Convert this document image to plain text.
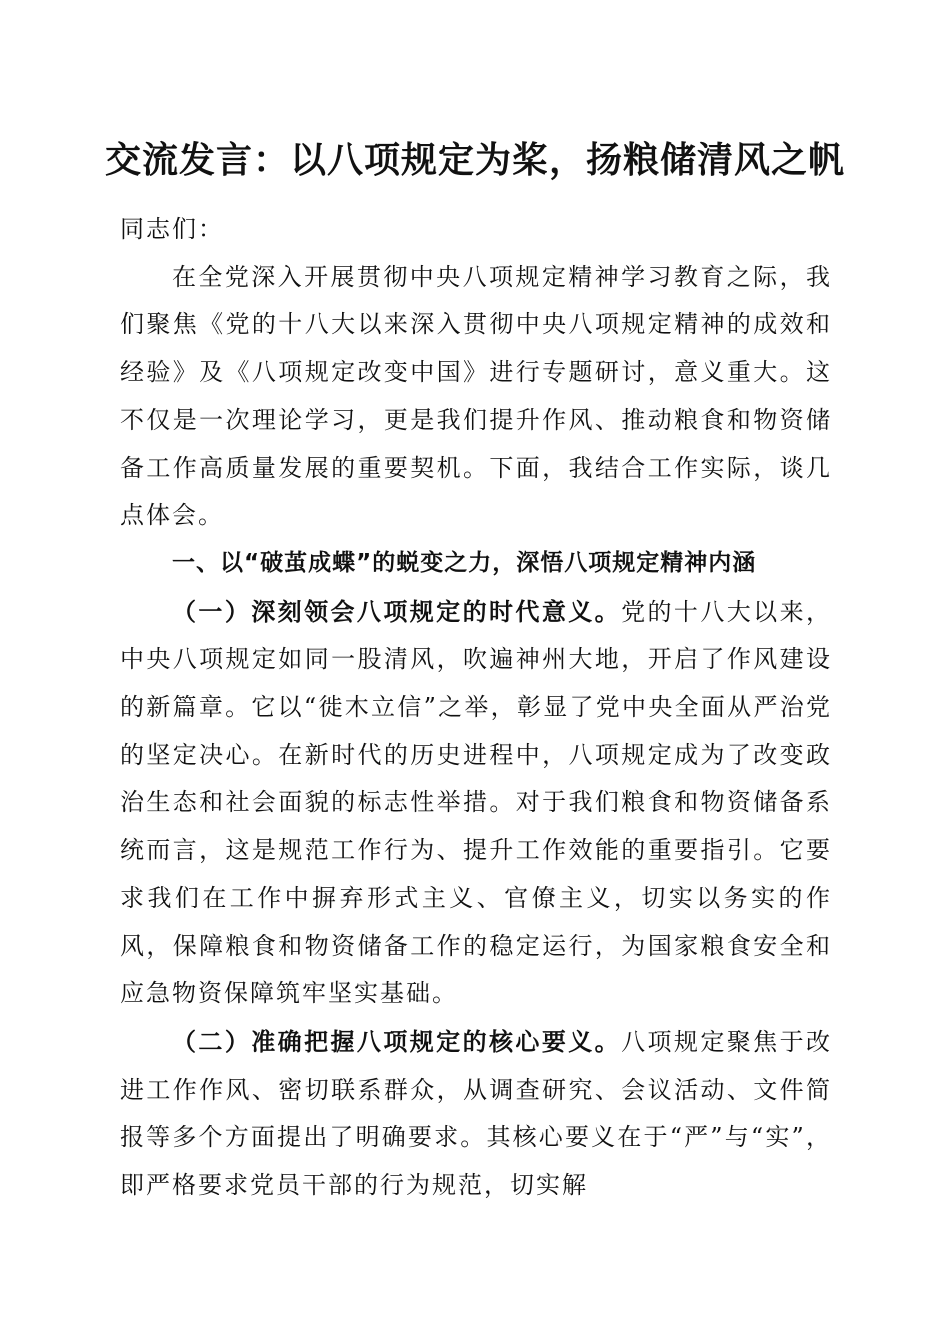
交流发言：以八项规定为桨，扬粮储清风之帆

同志们：

在全党深入开展贯彻中央八项规定精神学习教育之际，我们聚焦《党的十八大以来深入贯彻中央八项规定精神的成效和经验》及《八项规定改变中国》进行专题研讨，意义重大。这不仅是一次理论学习，更是我们提升作风、推动粮食和物资储备工作高质量发展的重要契机。下面，我结合工作实际，谈几点体会。

一、以“破茧成蝶”的蜕变之力，深悟八项规定精神内涵

（一）深刻领会八项规定的时代意义。党的十八大以来，中央八项规定如同一股清风，吹遍神州大地，开启了作风建设的新篇章。它以“徙木立信”之举，彰显了党中央全面从严治党的坚定决心。在新时代的历史进程中，八项规定成为了改变政治生态和社会面貌的标志性举措。对于我们粮食和物资储备系统而言，这是规范工作行为、提升工作效能的重要指引。它要求我们在工作中摒弃形式主义、官僚主义，切实以务实的作风，保障粮食和物资储备工作的稳定运行，为国家粮食安全和应急物资保障筑牢坚实基础。

（二）准确把握八项规定的核心要义。八项规定聚焦于改进工作作风、密切联系群众，从调查研究、会议活动、文件简报等多个方面提出了明确要求。其核心要义在于“严”与“实”，即严格要求党员干部的行为规范，切实解
